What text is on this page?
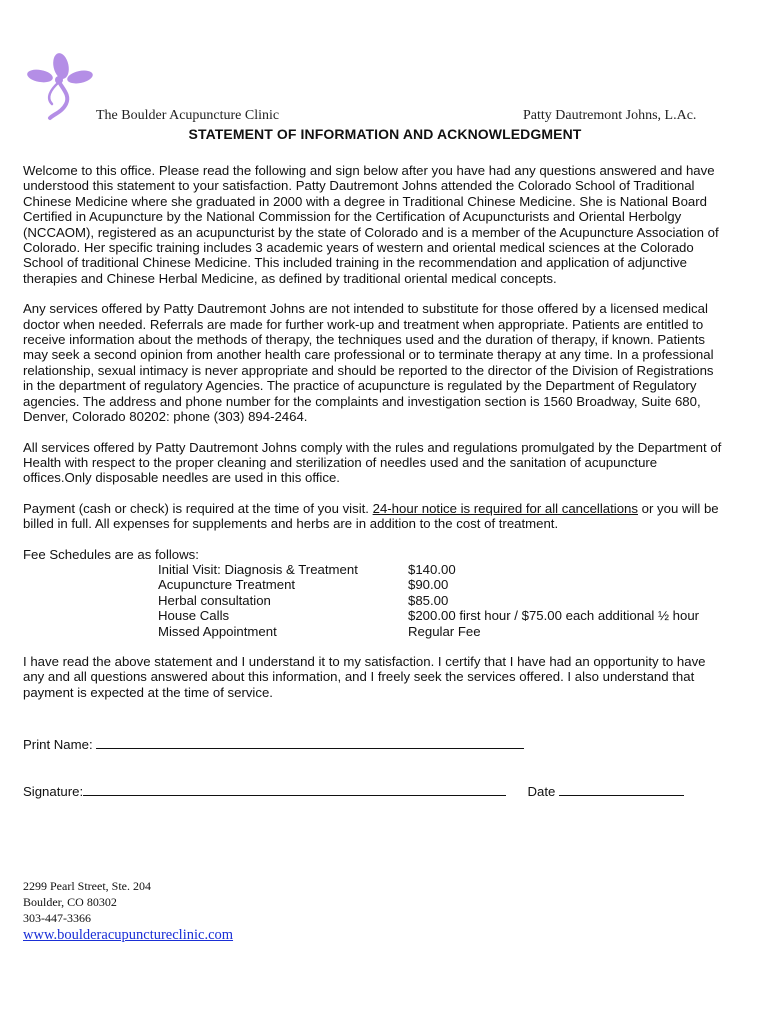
The Boulder Acupuncture Clinic	Patty Dautremont Johns, L.Ac.
STATEMENT OF INFORMATION AND ACKNOWLEDGMENT

Welcome to this office. Please read the following and sign below after you have had any questions answered and have understood this statement to your satisfaction. Patty Dautremont Johns attended the Colorado School of Traditional Chinese Medicine where she graduated in 2000 with a degree in Traditional Chinese Medicine. She is National Board Certified in Acupuncture by the National Commission for the Certification of Acupuncturists and Oriental Herbolgy (NCCAOM), registered as an acupuncturist by the state of Colorado and is a member of the Acupuncture Association of Colorado. Her specific training includes 3 academic years of western and oriental medical sciences at the Colorado School of traditional Chinese Medicine. This included training in the recommendation and application of adjunctive therapies and Chinese Herbal Medicine, as defined by traditional oriental medical concepts.

Any services offered by Patty Dautremont Johns are not intended to substitute for those offered by a licensed medical doctor when needed. Referrals are made for further work-up and treatment when appropriate. Patients are entitled to receive information about the methods of therapy, the techniques used and the duration of therapy, if known. Patients may seek a second opinion from another health care professional or to terminate therapy at any time. In a professional relationship, sexual intimacy is never appropriate and should be reported to the director of the Division of Registrations in the department of regulatory Agencies. The practice of acupuncture is regulated by the Department of Regulatory agencies. The address and phone number for the complaints and investigation section is 1560 Broadway, Suite 680, Denver, Colorado 80202: phone (303) 894-2464.

All services offered by Patty Dautremont Johns comply with the rules and regulations promulgated by the Department of Health with respect to the proper cleaning and sterilization of needles used and the sanitation of acupuncture offices.Only disposable needles are used in this office.

Payment (cash or check) is required at the time of you visit. 24-hour notice is required for all cancellations or you will be billed in full. All expenses for supplements and herbs are in addition to the cost of treatment.

Fee Schedules are as follows:
Initial Visit: Diagnosis & Treatment	$140.00
Acupuncture Treatment	$90.00
Herbal consultation	$85.00
House Calls	$200.00 first hour / $75.00 each additional ½ hour
Missed Appointment	Regular Fee

I have read the above statement and I understand it to my satisfaction. I certify that I have had an opportunity to have any and all questions answered about this information, and I freely seek the services offered. I also understand that payment is expected at the time of service.

Print Name:
Signature:	Date
2299 Pearl Street, Ste. 204
Boulder, CO 80302
303-447-3366
www.boulderacupunctureclinic.com
